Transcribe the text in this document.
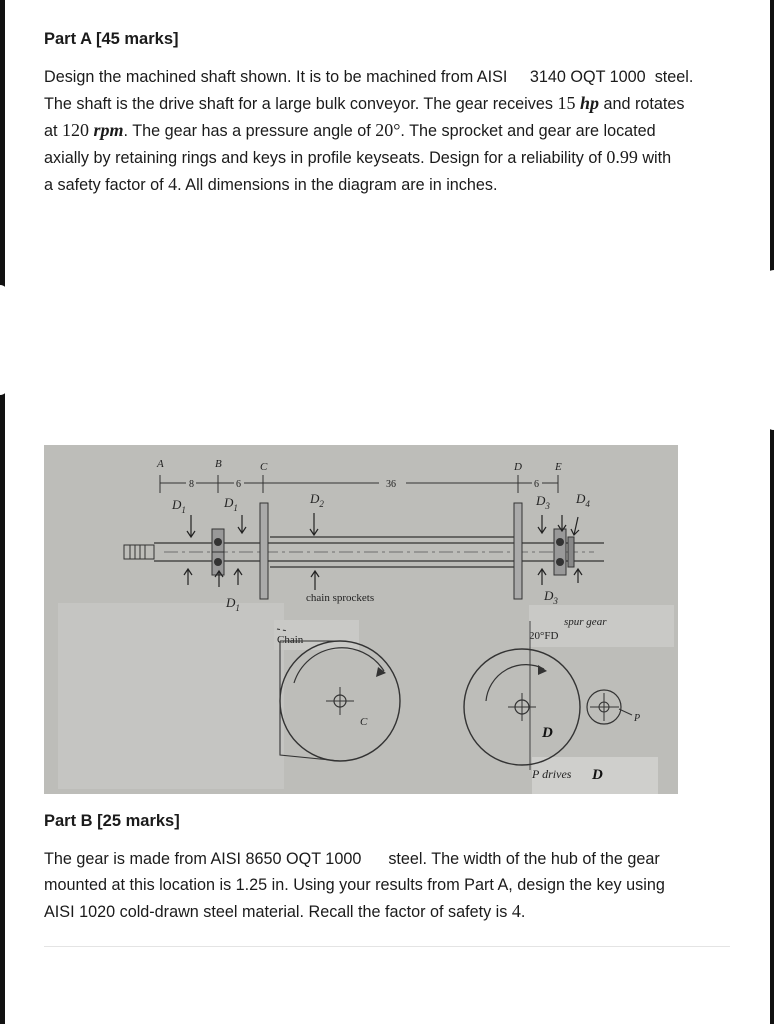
Part A [45 marks]

Design the machined shaft shown. It is to be machined from AISI 3140 OQT 1000 steel.

The shaft is the drive shaft for a large bulk conveyor. The gear receives 15 hp and rotates

at 120 rpm. The gear has a pressure angle of 20°. The sprocket and gear are located

axially by retaining rings and keys in profile keyseats. Design for a reliability of 0.99 with

a safety factor of 4. All dimensions in the diagram are in inches.

A	B	C	D	E
8	6	36	6
$D_1$	$D_1$
$D_1$
$D_2$	$D_3$
$D_3$
$D_4$
chain sprockets
spur gear
20°FD
Chain
C	P
D
P drives D
Part B [25 marks]

The gear is made from AISI 8650 OQT 1000 steel. The width of the hub of the gear

mounted at this location is 1.25 in. Using your results from Part A, design the key using

AISI 1020 cold-drawn steel material. Recall the factor of safety is 4.
